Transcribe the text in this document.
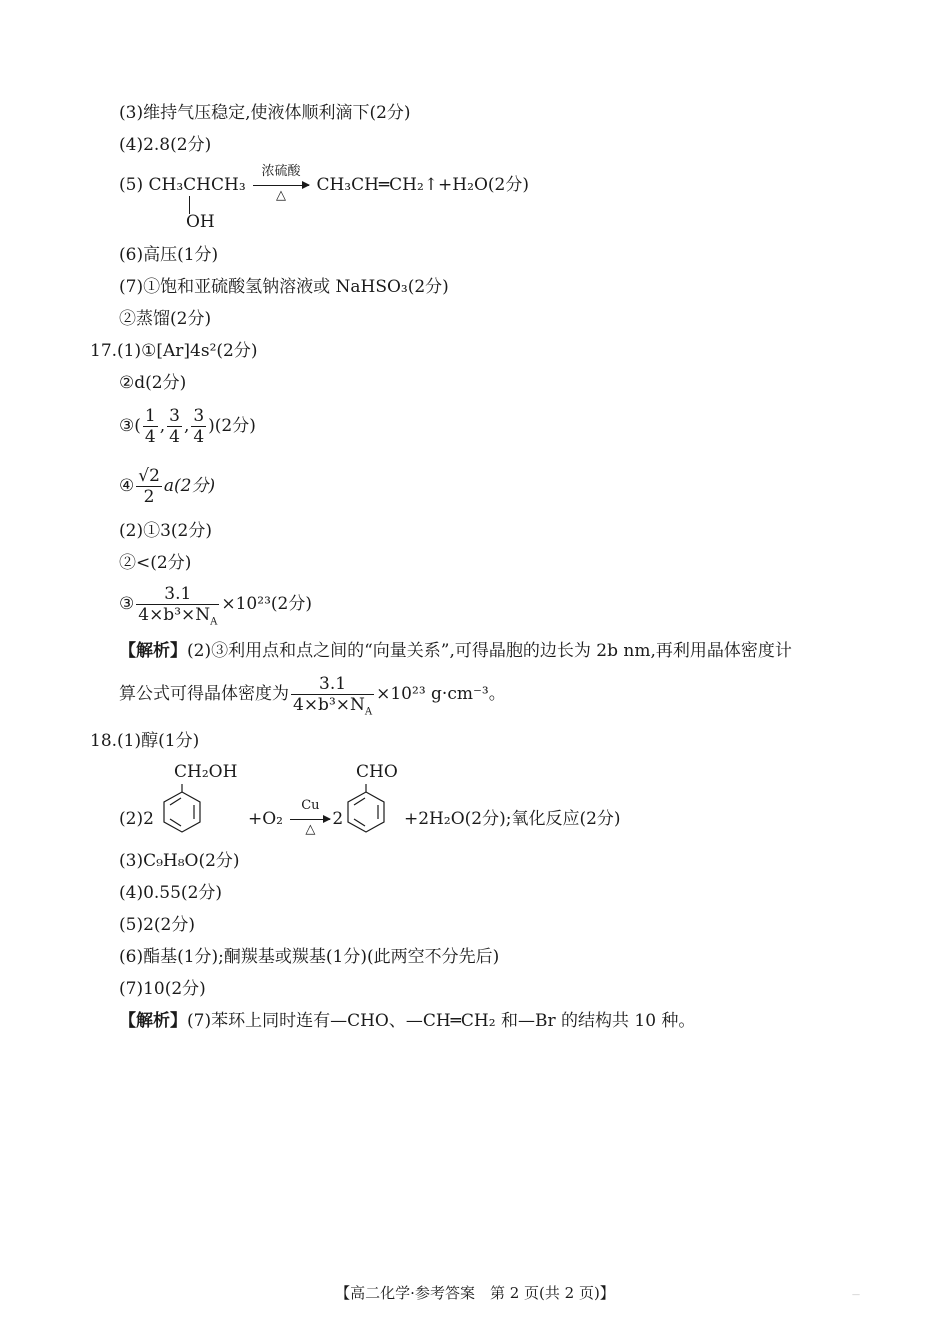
(3)维持气压稳定,使液体顺利滴下(2分)
(4)2.8(2分)
(5) CH₃CHCH₃
浓硫酸
△	CH₃CH═CH₂↑+H₂O(2分)
OH
(6)高压(1分)
(7)①饱和亚硫酸氢钠溶液或 NaHSO₃(2分)
②蒸馏(2分)
17.(1)①[Ar]4s²(2分)
②d(2分)
③( $\frac{1}{4}$ , $\frac{3}{4}$ , $\frac{3}{4} )(2$分)
④ $\frac{√2}{2} a(2$分)
(2)①3(2分)
②<(2分)
③ $\frac{3.1}{4\times b^3\times N_A} \times 10^{23}(2$分)
【解析】(2)③利用点和点之间的“向量关系”,可得晶胞的边长为 2b nm,再利用晶体密度计
算公式可得晶体密度为 $\frac{3.1}{4\times b^3\times N_A} \times 10^{23}$ g·cm⁻³。
18.(1)醇(1分)
CH₂OH	CHO
(2)2	+O₂
Cu
△	2	+2H₂O(2分);氧化反应(2分)
(3)C₉H₈O(2分)
(4)0.55(2分)
(5)2(2分)
(6)酯基(1分);酮羰基或羰基(1分)(此两空不分先后)
(7)10(2分)
【解析】(7)苯环上同时连有—CHO、—CH═CH₂ 和—Br 的结构共 10 种。
【高二化学·参考答案　第 2 页(共 2 页)】	—
